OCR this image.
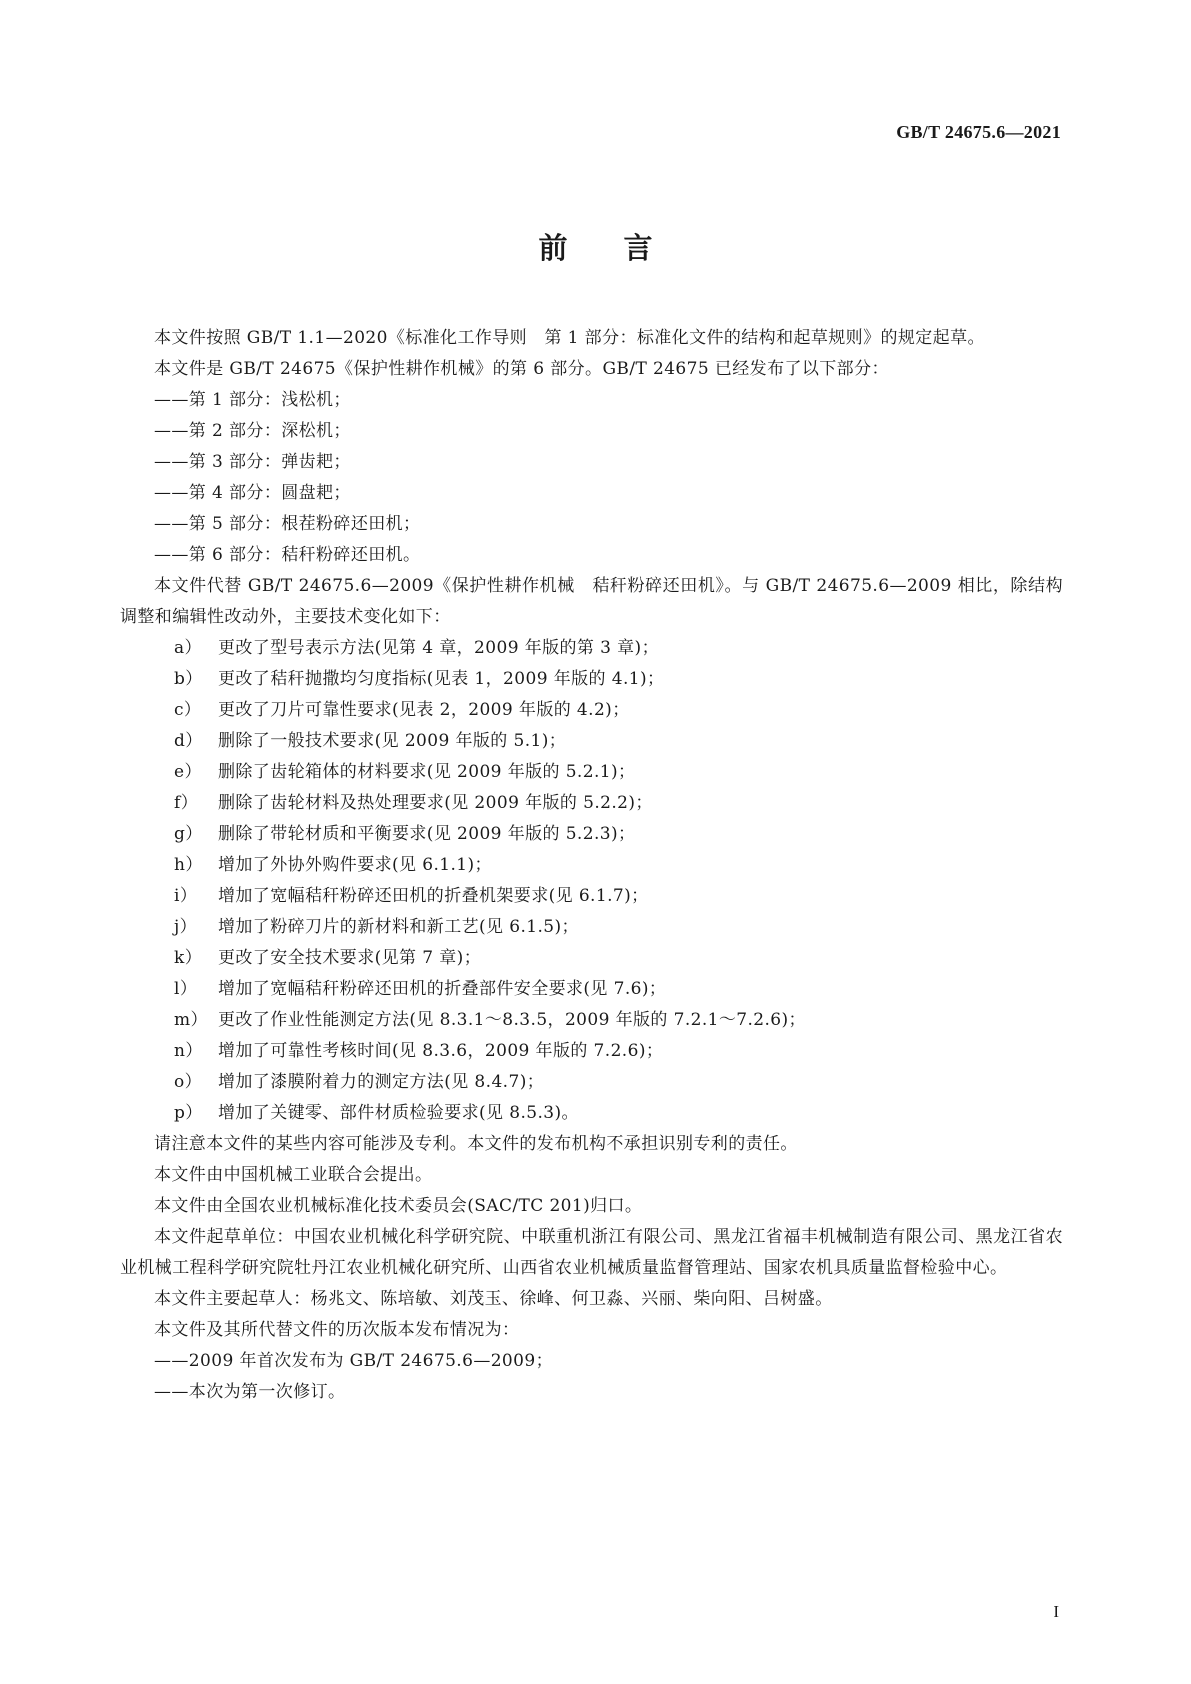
GB/T 24675.6—2021
前言

本文件按照 GB/T 1.1—2020《标准化工作导则　第 1 部分：标准化文件的结构和起草规则》的规定起草。

本文件是 GB/T 24675《保护性耕作机械》的第 6 部分。GB/T 24675 已经发布了以下部分：

——第 1 部分：浅松机；
——第 2 部分：深松机；
——第 3 部分：弹齿耙；
——第 4 部分：圆盘耙；
——第 5 部分：根茬粉碎还田机；
——第 6 部分：秸秆粉碎还田机。

本文件代替 GB/T 24675.6—2009《保护性耕作机械　秸秆粉碎还田机》。与 GB/T 24675.6—2009 相比，除结构调整和编辑性改动外，主要技术变化如下：

a） 更改了型号表示方法(见第 4 章，2009 年版的第 3 章)；
b） 更改了秸秆抛撒均匀度指标(见表 1，2009 年版的 4.1)；
c） 更改了刀片可靠性要求(见表 2，2009 年版的 4.2)；
d） 删除了一般技术要求(见 2009 年版的 5.1)；
e） 删除了齿轮箱体的材料要求(见 2009 年版的 5.2.1)；
f）	删除了齿轮材料及热处理要求(见 2009 年版的 5.2.2)；
g） 删除了带轮材质和平衡要求(见 2009 年版的 5.2.3)；
h） 增加了外协外购件要求(见 6.1.1)；
i）	增加了宽幅秸秆粉碎还田机的折叠机架要求(见 6.1.7)；
j）	增加了粉碎刀片的新材料和新工艺(见 6.1.5)；
k） 更改了安全技术要求(见第 7 章)；
l）	增加了宽幅秸秆粉碎还田机的折叠部件安全要求(见 7.6)；
m） 更改了作业性能测定方法(见 8.3.1～8.3.5，2009 年版的 7.2.1～7.2.6)；
n） 增加了可靠性考核时间(见 8.3.6，2009 年版的 7.2.6)；
o） 增加了漆膜附着力的测定方法(见 8.4.7)；
p） 增加了关键零、部件材质检验要求(见 8.5.3)。

请注意本文件的某些内容可能涉及专利。本文件的发布机构不承担识别专利的责任。

本文件由中国机械工业联合会提出。

本文件由全国农业机械标准化技术委员会(SAC/TC 201)归口。

本文件起草单位：中国农业机械化科学研究院、中联重机浙江有限公司、黑龙江省福丰机械制造有限公司、黑龙江省农业机械工程科学研究院牡丹江农业机械化研究所、山西省农业机械质量监督管理站、国家农机具质量监督检验中心。

本文件主要起草人：杨兆文、陈培敏、刘茂玉、徐峰、何卫淼、兴丽、柴向阳、吕树盛。

本文件及其所代替文件的历次版本发布情况为：

——2009 年首次发布为 GB/T 24675.6—2009；
——本次为第一次修订。
I
